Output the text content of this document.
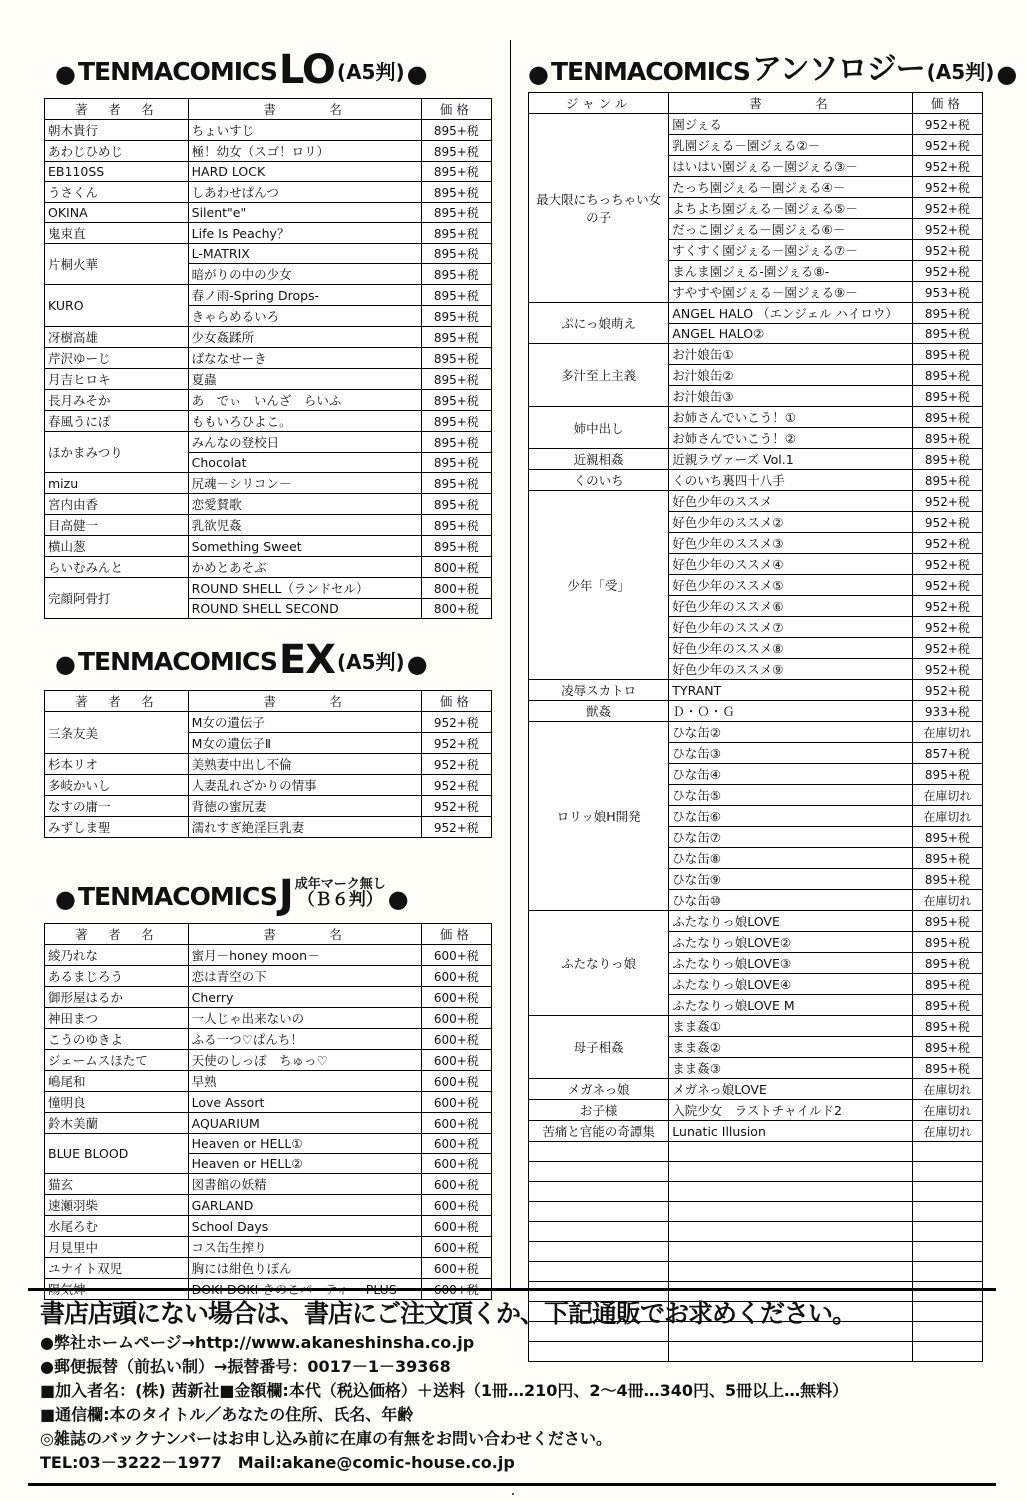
● TENMACOMICS LO (A5判) ●
著　者　名	書　　　名	価格
朝木貴行	ちょいすじ	895+税
あわじひめじ	極！幼女（スゴ！ロリ）	895+税
EB110SS	HARD LOCK	895+税
うさくん	しあわせぱんつ	895+税
OKINA	Silent"e"	895+税
鬼束直	Life Is Peachy？	895+税
片桐火華	L-MATRIX	895+税
	暗がりの中の少女	895+税
KURO	春ノ雨-Spring Drops-	895+税
	きゃらめるいろ	895+税
冴樹高雄	少女姦蹂所	895+税
芹沢ゆーじ	ばななせーき	895+税
月吉ヒロキ	夏蟲	895+税
長月みそか	あ　でぃ　いんざ　らいふ	895+税
春風うにぽ	ももいろひよこ。	895+税
ほかまみつり	みんなの登校日	895+税
	Chocolat	895+税
mizu	尻魂－シリコン－	895+税
宮内由香	恋愛賛歌	895+税
目高健一	乳欲児姦	895+税
横山葱	Something Sweet	895+税
らいむみんと	かめとあそぶ	800+税
完顔阿骨打	ROUND SHELL（ランドセル）	800+税
	ROUND SHELL SECOND	800+税
● TENMACOMICS EX (A5判) ●
著　者　名	書　　　名	価格
三条友美	M女の遺伝子	952+税
	M女の遺伝子Ⅱ	952+税
杉本リオ	美熟妻中出し不倫	952+税
多岐かいし	人妻乱れざかりの情事	952+税
なすの庸一	背徳の蜜尻妻	952+税
みずしま聖	濡れすぎ絶淫巨乳妻	952+税
● TENMACOMICS J 成年マーク無し
（Ｂ６判） ●
著　者　名	書　　　名	価格
綾乃れな	蜜月－honey moon－	600+税
あるまじろう	恋は青空の下	600+税
御形屋はるか	Cherry	600+税
神田まつ	一人じゃ出来ないの	600+税
こうのゆきよ	ふる一つ♡ぱんち！	600+税
ジェームスほたて	天使のしっぽ　ちゅっ♡	600+税
嶋尾和	早熟	600+税
憧明良	Love Assort	600+税
鈴木美蘭	AQUARIUM	600+税
BLUE BLOOD	Heaven or HELL①	600+税
	Heaven or HELL②	600+税
猫玄	図書館の妖精	600+税
速瀬羽柴	GARLAND	600+税
水尾ろむ	School Days	600+税
月見里中	コス缶生搾り	600+税
ユナイト双児	胸には紺色りぼん	600+税
陽気婢	DOKI DOKI きのこパーティー-PLUS-	600+税
● TENMACOMICS アンソロジー (A5判) ●
ジャンル	書　　　名	価格
最大限にちっちゃい女の子	園ジぇる	952+税
	乳園ジぇる－園ジぇる②－	952+税
	はいはい園ジぇる－園ジぇる③－	952+税
	たっち園ジぇる－園ジぇる④－	952+税
	よちよち園ジぇる－園ジぇる⑤－	952+税
	だっこ園ジぇる－園ジぇる⑥－	952+税
	すくすく園ジぇる－園ジぇる⑦－	952+税
	まんま園ジぇる-園ジぇる⑧-	952+税
	すやすや園ジぇる－園ジぇる⑨－	953+税
ぷにっ娘萌え	ANGEL HALO （エンジェル ハイロウ）	895+税
	ANGEL HALO②	895+税
多汁至上主義	お汁娘缶①	895+税
	お汁娘缶②	895+税
	お汁娘缶③	895+税
姉中出し	お姉さんでいこう！①	895+税
	お姉さんでいこう！②	895+税
近親相姦	近親ラヴァーズ Vol.1	895+税
くのいち	くのいち裏四十八手	895+税
少年「受」	好色少年のススメ	952+税
	好色少年のススメ②	952+税
	好色少年のススメ③	952+税
	好色少年のススメ④	952+税
	好色少年のススメ⑤	952+税
	好色少年のススメ⑥	952+税
	好色少年のススメ⑦	952+税
	好色少年のススメ⑧	952+税
	好色少年のススメ⑨	952+税
凌辱スカトロ	TYRANT	952+税
獣姦	Ｄ・Ｏ・Ｇ	933+税
ロリッ娘H開発	ひな缶②	在庫切れ
	ひな缶③	857+税
	ひな缶④	895+税
	ひな缶⑤	在庫切れ
	ひな缶⑥	在庫切れ
	ひな缶⑦	895+税
	ひな缶⑧	895+税
	ひな缶⑨	895+税
	ひな缶⑩	在庫切れ
ふたなりっ娘	ふたなりっ娘LOVE	895+税
	ふたなりっ娘LOVE②	895+税
	ふたなりっ娘LOVE③	895+税
	ふたなりっ娘LOVE④	895+税
	ふたなりっ娘LOVE M	895+税
母子相姦	まま姦①	895+税
	まま姦②	895+税
	まま姦③	895+税
メガネっ娘	メガネっ娘LOVE	在庫切れ
お子様	入院少女　ラストチャイルド2	在庫切れ
苦痛と官能の奇譚集	Lunatic Illusion	在庫切れ

書店店頭にない場合は、書店にご注文頂くか、下記通販でお求めください。
●弊社ホームページ→http://www.akaneshinsha.co.jp
●郵便振替（前払い制）→振替番号：0017－1－39368
■加入者名：(株) 茜新社■金額欄:本代（税込価格）＋送料（1冊…210円、2〜4冊…340円、5冊以上…無料）
■通信欄:本のタイトル／あなたの住所、氏名、年齢
◎雑誌のバックナンバーはお申し込み前に在庫の有無をお問い合わせください。
TEL:03－3222－1977　Mail:akane@comic-house.co.jp
・
